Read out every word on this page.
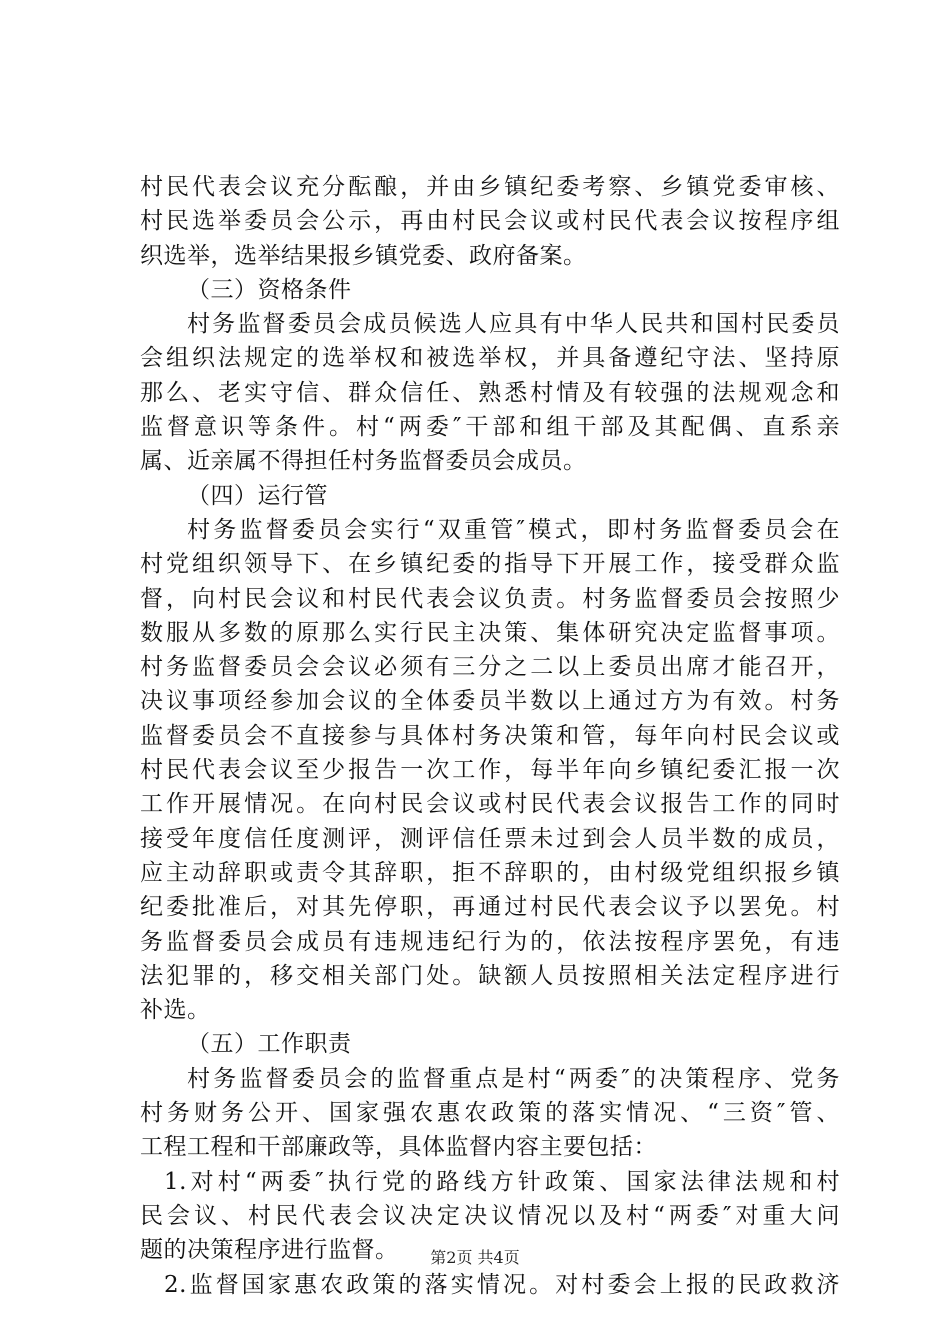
村民代表会议充分酝酿，并由乡镇纪委考察、乡镇党委审核、
村民选举委员会公示，再由村民会议或村民代表会议按程序组
织选举，选举结果报乡镇党委、政府备案。
（三）资格条件
村务监督委员会成员候选人应具有中华人民共和国村民委员
会组织法规定的选举权和被选举权，并具备遵纪守法、坚持原
那么、老实守信、群众信任、熟悉村情及有较强的法规观念和
监督意识等条件。村“两委″干部和组干部及其配偶、直系亲
属、近亲属不得担任村务监督委员会成员。
（四）运行管
村务监督委员会实行“双重管″模式，即村务监督委员会在
村党组织领导下、在乡镇纪委的指导下开展工作，接受群众监
督，向村民会议和村民代表会议负责。村务监督委员会按照少
数服从多数的原那么实行民主决策、集体研究决定监督事项。
村务监督委员会会议必须有三分之二以上委员出席才能召开，
决议事项经参加会议的全体委员半数以上通过方为有效。村务
监督委员会不直接参与具体村务决策和管，每年向村民会议或
村民代表会议至少报告一次工作，每半年向乡镇纪委汇报一次
工作开展情况。在向村民会议或村民代表会议报告工作的同时
接受年度信任度测评，测评信任票未过到会人员半数的成员，
应主动辞职或责令其辞职，拒不辞职的，由村级党组织报乡镇
纪委批准后，对其先停职，再通过村民代表会议予以罢免。村
务监督委员会成员有违规违纪行为的，依法按程序罢免，有违
法犯罪的，移交相关部门处。缺额人员按照相关法定程序进行
补选。
（五）工作职责
村务监督委员会的监督重点是村“两委″的决策程序、党务
村务财务公开、国家强农惠农政策的落实情况、“三资″管、
工程工程和干部廉政等，具体监督内容主要包括：
1.对村“两委″执行党的路线方针政策、国家法律法规和村
民会议、村民代表会议决定决议情况以及村“两委″对重大问
题的决策程序进行监督。
2.监督国家惠农政策的落实情况。对村委会上报的民政救济
第2页 共4页
